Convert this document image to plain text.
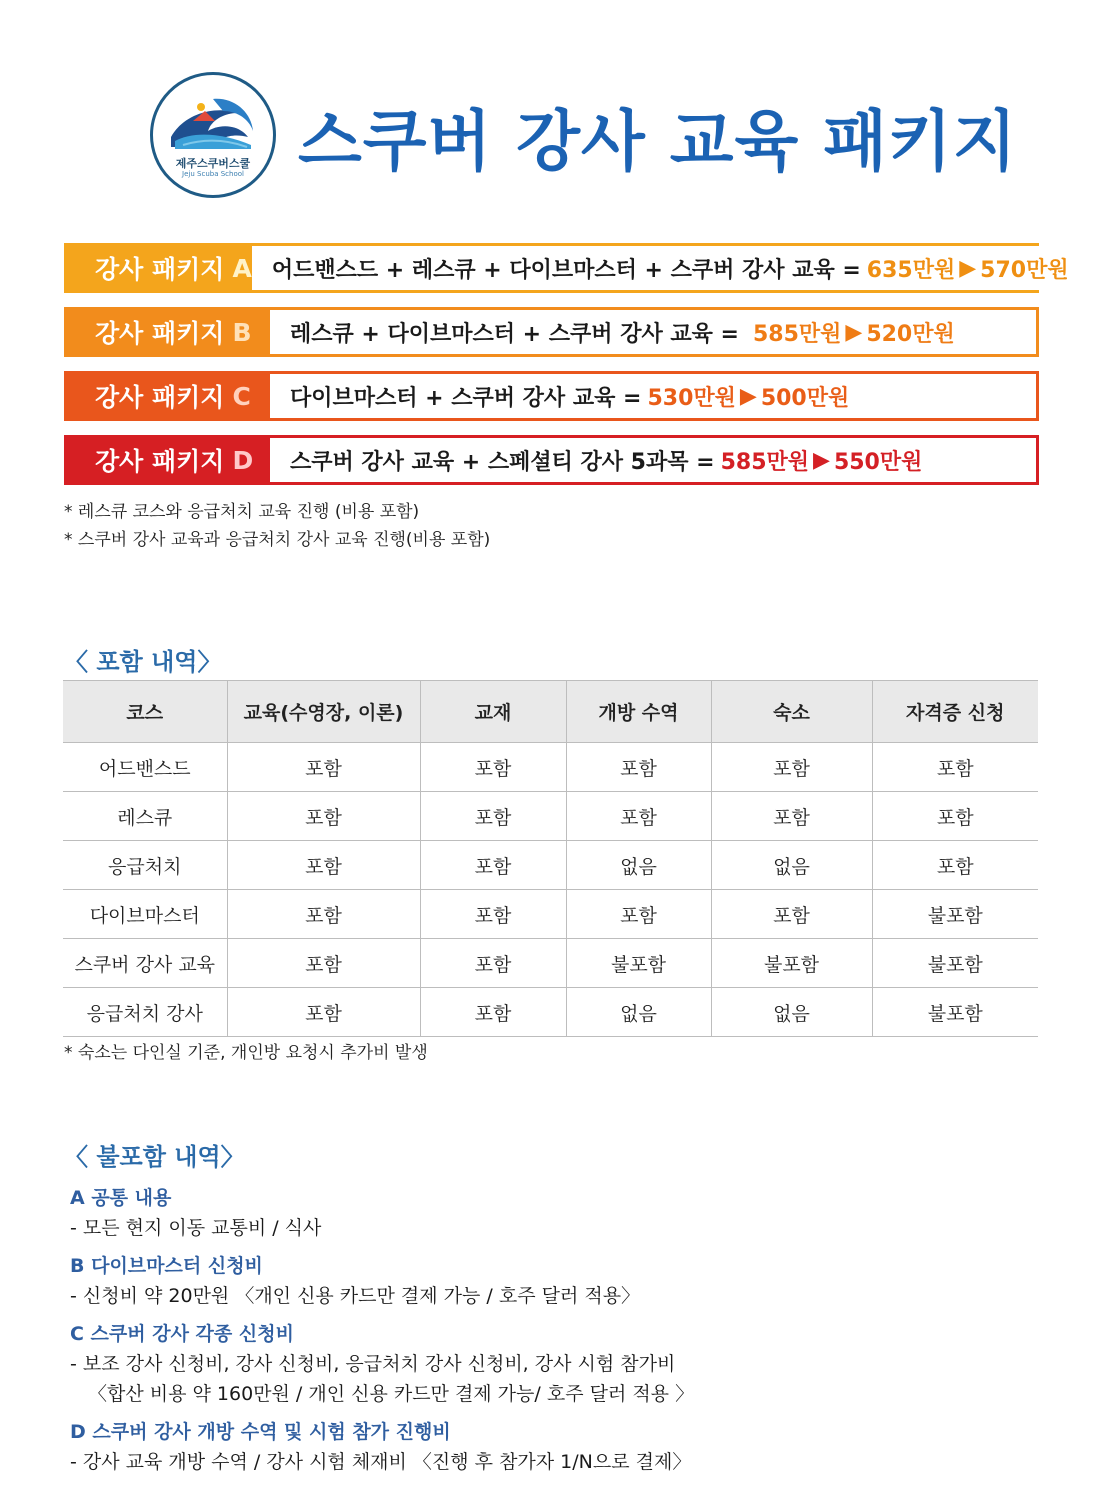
제주스쿠버스쿨
Jeju Scuba School 스쿠버 강사 교육 패키지
강사 패키지 A 어드밴스드 + 레스큐 + 다이브마스터 + 스쿠버 강사 교육 = 635만원 ▶ 570만원
강사 패키지 B 레스큐 + 다이브마스터 + 스쿠버 강사 교육 = 585만원 ▶ 520만원
강사 패키지 C 다이브마스터 + 스쿠버 강사 교육 = 530만원 ▶ 500만원
강사 패키지 D 스쿠버 강사 교육 + 스페셜티 강사 5과목 = 585만원 ▶ 550만원
* 레스큐 코스와 응급처치 교육 진행 (비용 포함)
* 스쿠버 강사 교육과 응급처치 강사 교육 진행(비용 포함)
〈 포함 내역〉
코스	교육(수영장, 이론)	교재	개방 수역	숙소	자격증 신청
어드밴스드	포함	포함	포함	포함	포함
레스큐	포함	포함	포함	포함	포함
응급처치	포함	포함	없음	없음	포함
다이브마스터	포함	포함	포함	포함	불포함
스쿠버 강사 교육	포함	포함	불포함	불포함	불포함
응급처치 강사	포함	포함	없음	없음	불포함
* 숙소는 다인실 기준, 개인방 요청시 추가비 발생
〈 불포함 내역〉
A 공통 내용
- 모든 현지 이동 교통비 / 식사
B 다이브마스터 신청비
- 신청비 약 20만원 〈개인 신용 카드만 결제 가능 / 호주 달러 적용〉
C 스쿠버 강사 각종 신청비
- 보조 강사 신청비, 강사 신청비, 응급처치 강사 신청비, 강사 시험 참가비
〈합산 비용 약 160만원 / 개인 신용 카드만 결제 가능/ 호주 달러 적용 〉
D 스쿠버 강사 개방 수역 및 시험 참가 진행비
- 강사 교육 개방 수역 / 강사 시험 체재비 〈진행 후 참가자 1/N으로 결제〉
